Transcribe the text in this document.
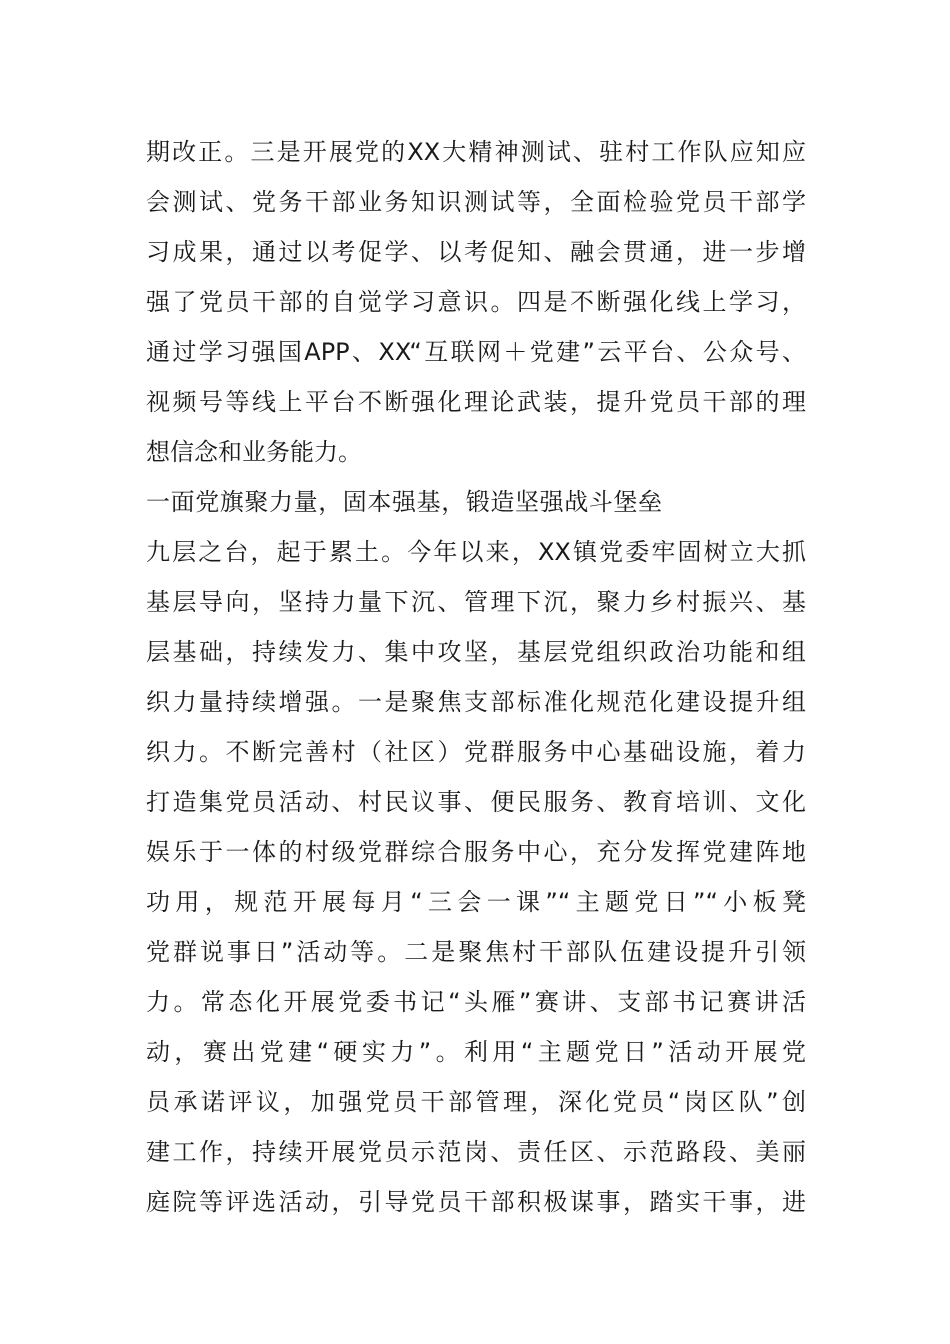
期改正。三是开展党的XX大精神测试、驻村工作队应知应
会测试、党务干部业务知识测试等，全面检验党员干部学
习成果，通过以考促学、以考促知、融会贯通，进一步增
强了党员干部的自觉学习意识。四是不断强化线上学习，
通过学习强国APP、XX“互联网＋党建”云平台、公众号、
视频号等线上平台不断强化理论武装，提升党员干部的理
想信念和业务能力。
一面党旗聚力量，固本强基，锻造坚强战斗堡垒
九层之台，起于累土。今年以来，XX镇党委牢固树立大抓
基层导向，坚持力量下沉、管理下沉，聚力乡村振兴、基
层基础，持续发力、集中攻坚，基层党组织政治功能和组
织力量持续增强。一是聚焦支部标准化规范化建设提升组
织力。不断完善村（社区）党群服务中心基础设施，着力
打造集党员活动、村民议事、便民服务、教育培训、文化
娱乐于一体的村级党群综合服务中心，充分发挥党建阵地
功用，规范开展每月“三会一课”“主题党日”“小板凳
党群说事日”活动等。二是聚焦村干部队伍建设提升引领
力。常态化开展党委书记“头雁”赛讲、支部书记赛讲活
动，赛出党建“硬实力”。利用“主题党日”活动开展党
员承诺评议，加强党员干部管理，深化党员“岗区队”创
建工作，持续开展党员示范岗、责任区、示范路段、美丽
庭院等评选活动，引导党员干部积极谋事，踏实干事，进
